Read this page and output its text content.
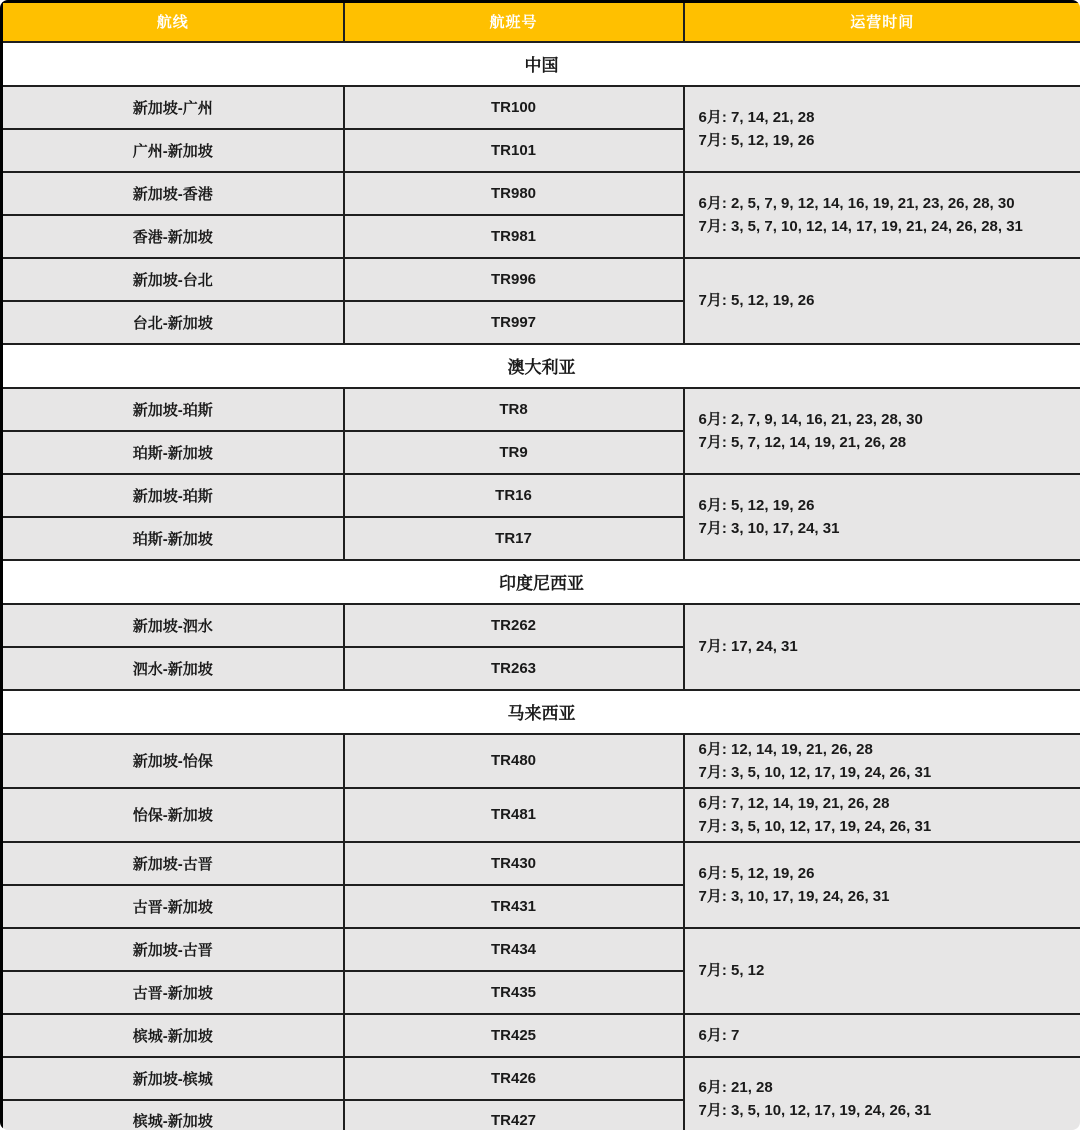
航线	航班号	运营时间
中国		
新加坡-广州	TR100	6月: 7, 14, 21, 28
7月: 5, 12, 19, 26

广州-新加坡	TR101	
新加坡-香港	TR980	6月: 2, 5, 7, 9, 12, 14, 16, 19, 21, 23, 26, 28, 30
7月: 3, 5, 7, 10, 12, 14, 17, 19, 21, 24, 26, 28, 31

香港-新加坡	TR981	
新加坡-台北	TR996	7月: 5, 12, 19, 26

台北-新加坡	TR997	
澳大利亚		
新加坡-珀斯	TR8	6月: 2, 7, 9, 14, 16, 21, 23, 28, 30
7月: 5, 7, 12, 14, 19, 21, 26, 28

珀斯-新加坡	TR9	
新加坡-珀斯	TR16	6月: 5, 12, 19, 26
7月: 3, 10, 17, 24, 31

珀斯-新加坡	TR17	
印度尼西亚		
新加坡-泗水	TR262	7月: 17, 24, 31

泗水-新加坡	TR263	
马来西亚		
新加坡-怡保	TR480	6月: 12, 14, 19, 21, 26, 28
7月: 3, 5, 10, 12, 17, 19, 24, 26, 31

怡保-新加坡	TR481	6月: 7, 12, 14, 19, 21, 26, 28
7月: 3, 5, 10, 12, 17, 19, 24, 26, 31

新加坡-古晋	TR430	6月: 5, 12, 19, 26
7月: 3, 10, 17, 19, 24, 26, 31

古晋-新加坡	TR431	
新加坡-古晋	TR434	7月: 5, 12

古晋-新加坡	TR435	
槟城-新加坡	TR425	6月: 7

新加坡-槟城	TR426	6月: 21, 28
7月: 3, 5, 10, 12, 17, 19, 24, 26, 31

槟城-新加坡	TR427	
